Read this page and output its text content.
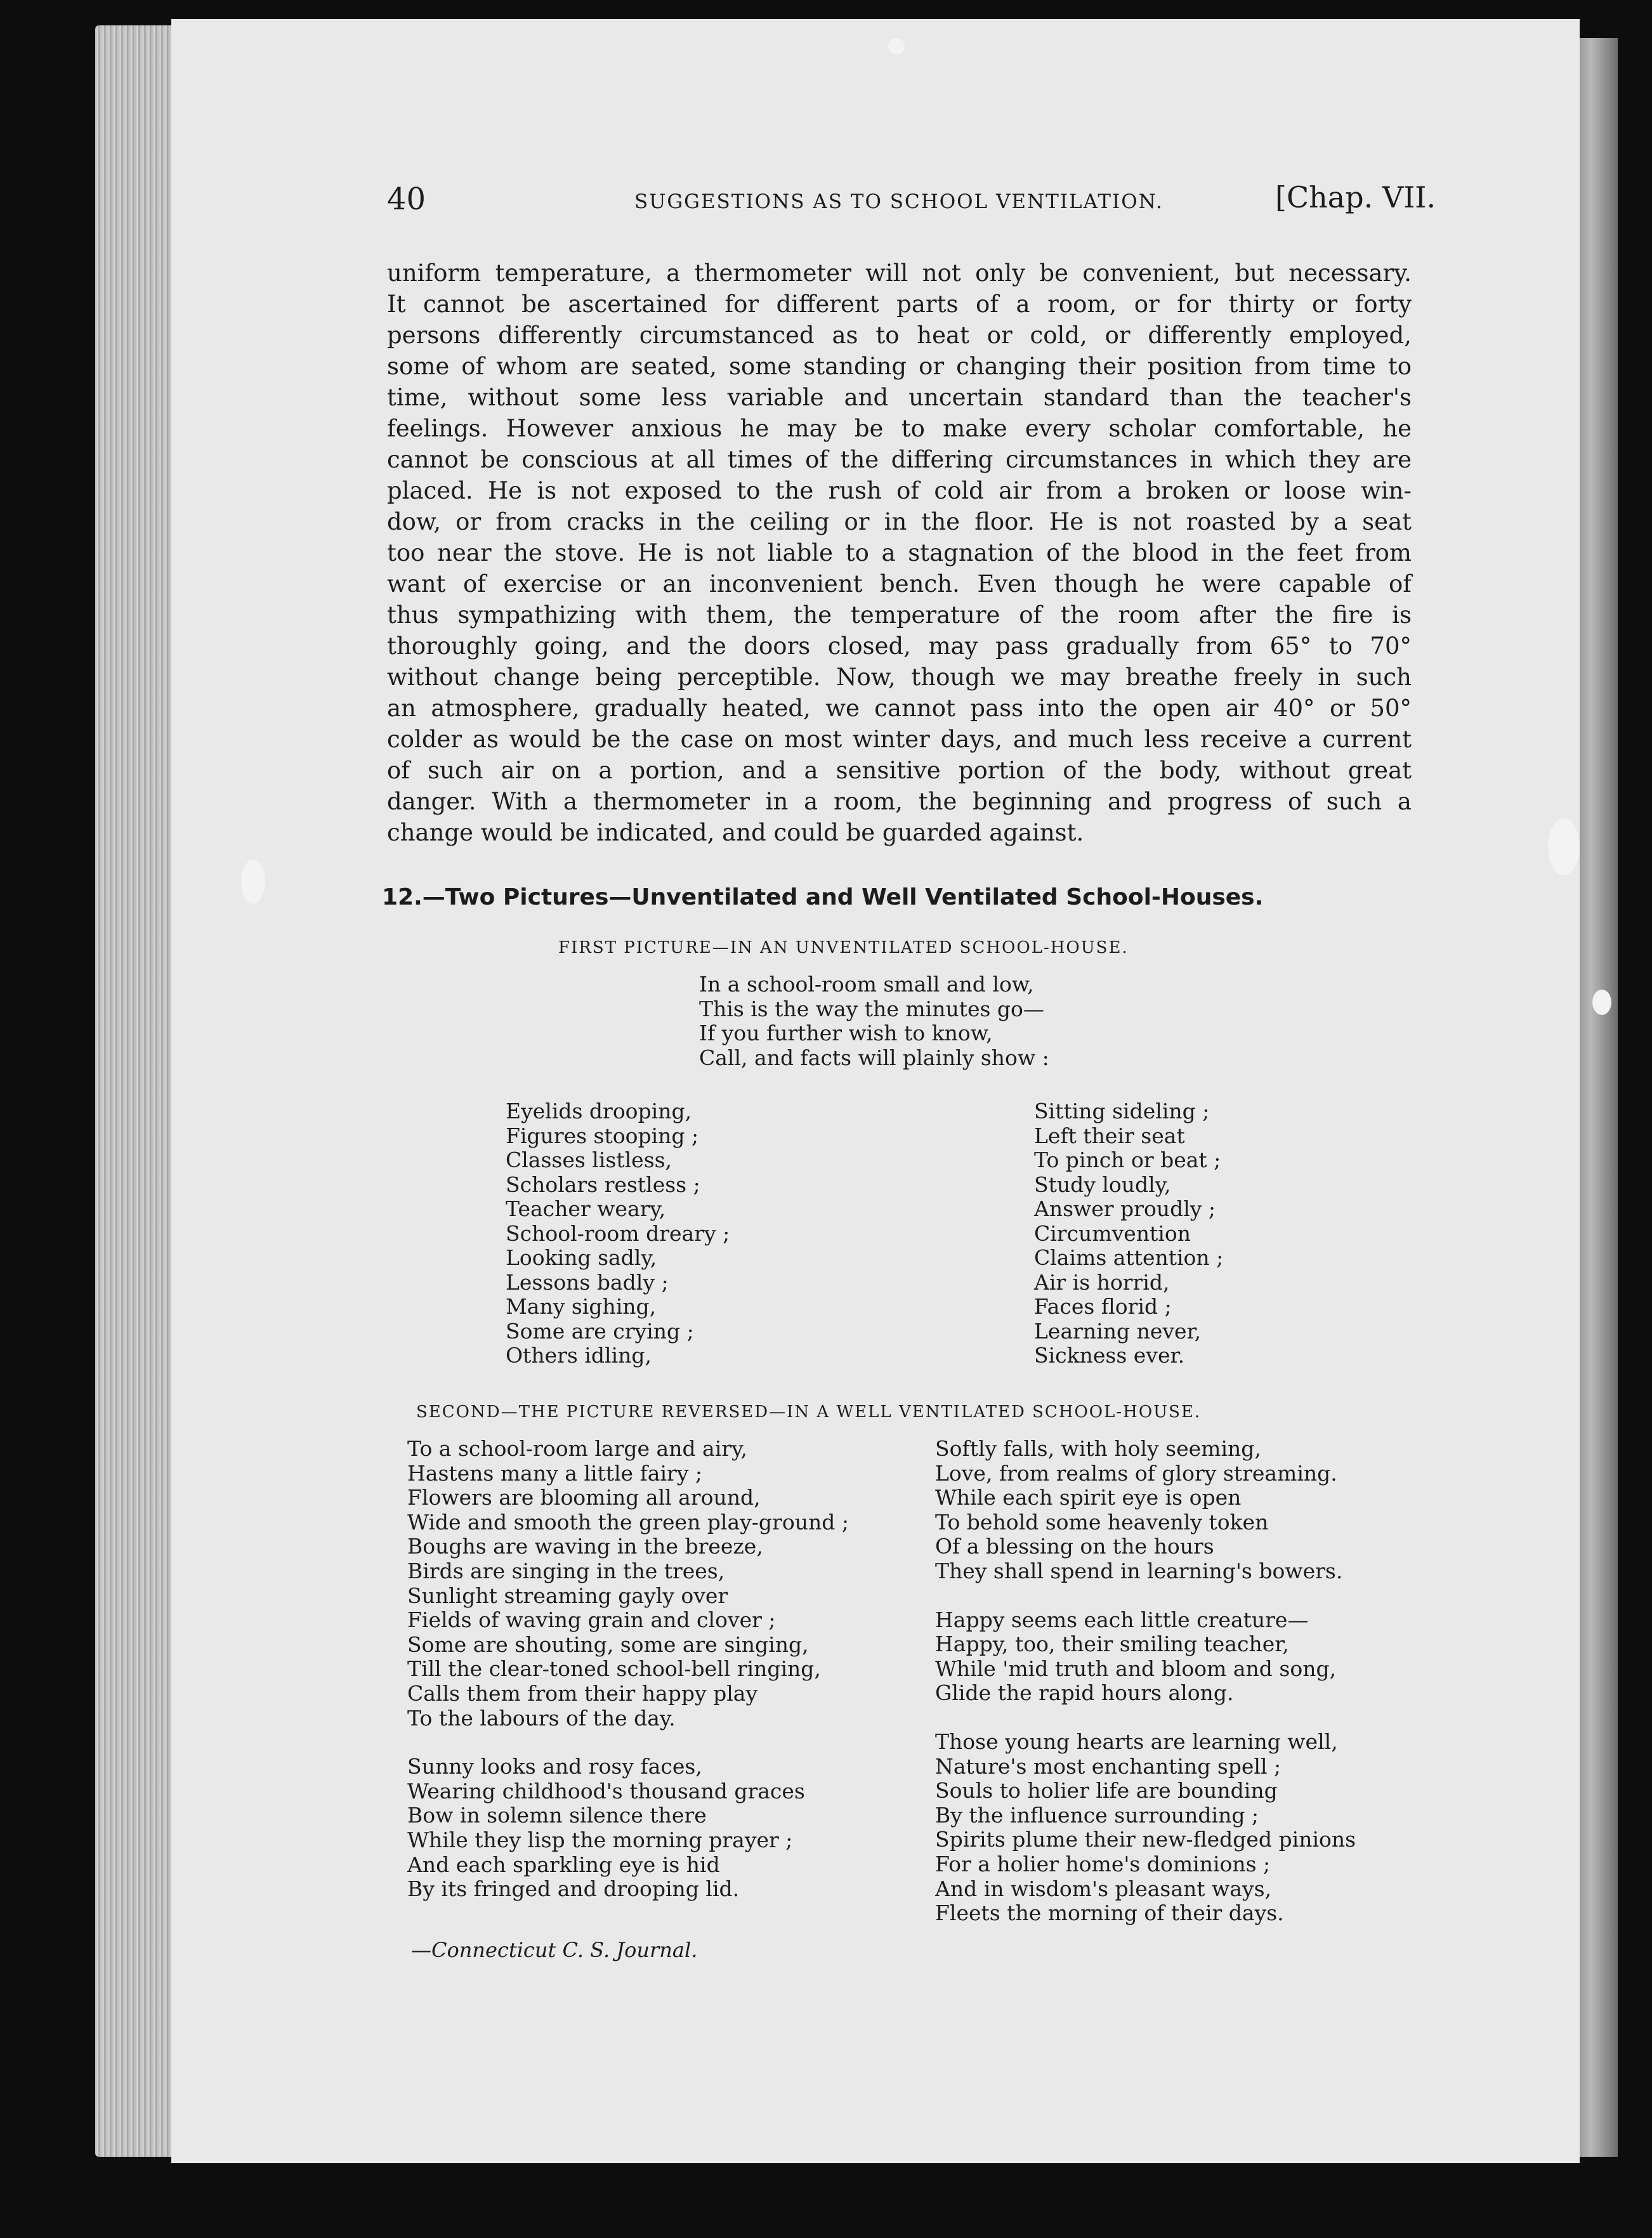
40	SUGGESTIONS AS TO SCHOOL VENTILATION.	[Chap. VII.
uniform temperature, a thermometer will not only be convenient, but necessary.
It cannot be ascertained for different parts of a room, or for thirty or forty
persons differently circumstanced as to heat or cold, or differently employed,
some of whom are seated, some standing or changing their position from time to
time, without some less variable and uncertain standard than the teacher's
feelings. However anxious he may be to make every scholar comfortable, he
cannot be conscious at all times of the differing circumstances in which they are
placed. He is not exposed to the rush of cold air from a broken or loose win-
dow, or from cracks in the ceiling or in the floor. He is not roasted by a seat
too near the stove. He is not liable to a stagnation of the blood in the feet from
want of exercise or an inconvenient bench. Even though he were capable of
thus sympathizing with them, the temperature of the room after the fire is
thoroughly going, and the doors closed, may pass gradually from 65° to 70°
without change being perceptible. Now, though we may breathe freely in such
an atmosphere, gradually heated, we cannot pass into the open air 40° or 50°
colder as would be the case on most winter days, and much less receive a current
of such air on a portion, and a sensitive portion of the body, without great
danger. With a thermometer in a room, the beginning and progress of such a
change would be indicated, and could be guarded against.
12.—Two Pictures—Unventilated and Well Ventilated School-Houses.
FIRST PICTURE—IN AN UNVENTILATED SCHOOL-HOUSE.
In a school-room small and low,
This is the way the minutes go—
If you further wish to know,
Call, and facts will plainly show :
Eyelids drooping,
Figures stooping ;
Classes listless,
Scholars restless ;
Teacher weary,
School-room dreary ;
Looking sadly,
Lessons badly ;
Many sighing,
Some are crying ;
Others idling,
Sitting sideling ;
Left their seat
To pinch or beat ;
Study loudly,
Answer proudly ;
Circumvention
Claims attention ;
Air is horrid,
Faces florid ;
Learning never,
Sickness ever.
SECOND—THE PICTURE REVERSED—IN A WELL VENTILATED SCHOOL-HOUSE.
To a school-room large and airy,
Hastens many a little fairy ;
Flowers are blooming all around,
Wide and smooth the green play-ground ;
Boughs are waving in the breeze,
Birds are singing in the trees,
Sunlight streaming gayly over
Fields of waving grain and clover ;
Some are shouting, some are singing,
Till the clear-toned school-bell ringing,
Calls them from their happy play
To the labours of the day.
Sunny looks and rosy faces,
Wearing childhood's thousand graces
Bow in solemn silence there
While they lisp the morning prayer ;
And each sparkling eye is hid
By its fringed and drooping lid.
Softly falls, with holy seeming,
Love, from realms of glory streaming.
While each spirit eye is open
To behold some heavenly token
Of a blessing on the hours
They shall spend in learning's bowers.
Happy seems each little creature—
Happy, too, their smiling teacher,
While 'mid truth and bloom and song,
Glide the rapid hours along.
Those young hearts are learning well,
Nature's most enchanting spell ;
Souls to holier life are bounding
By the influence surrounding ;
Spirits plume their new-fledged pinions
For a holier home's dominions ;
And in wisdom's pleasant ways,
Fleets the morning of their days.
—Connecticut C. S. Journal.
